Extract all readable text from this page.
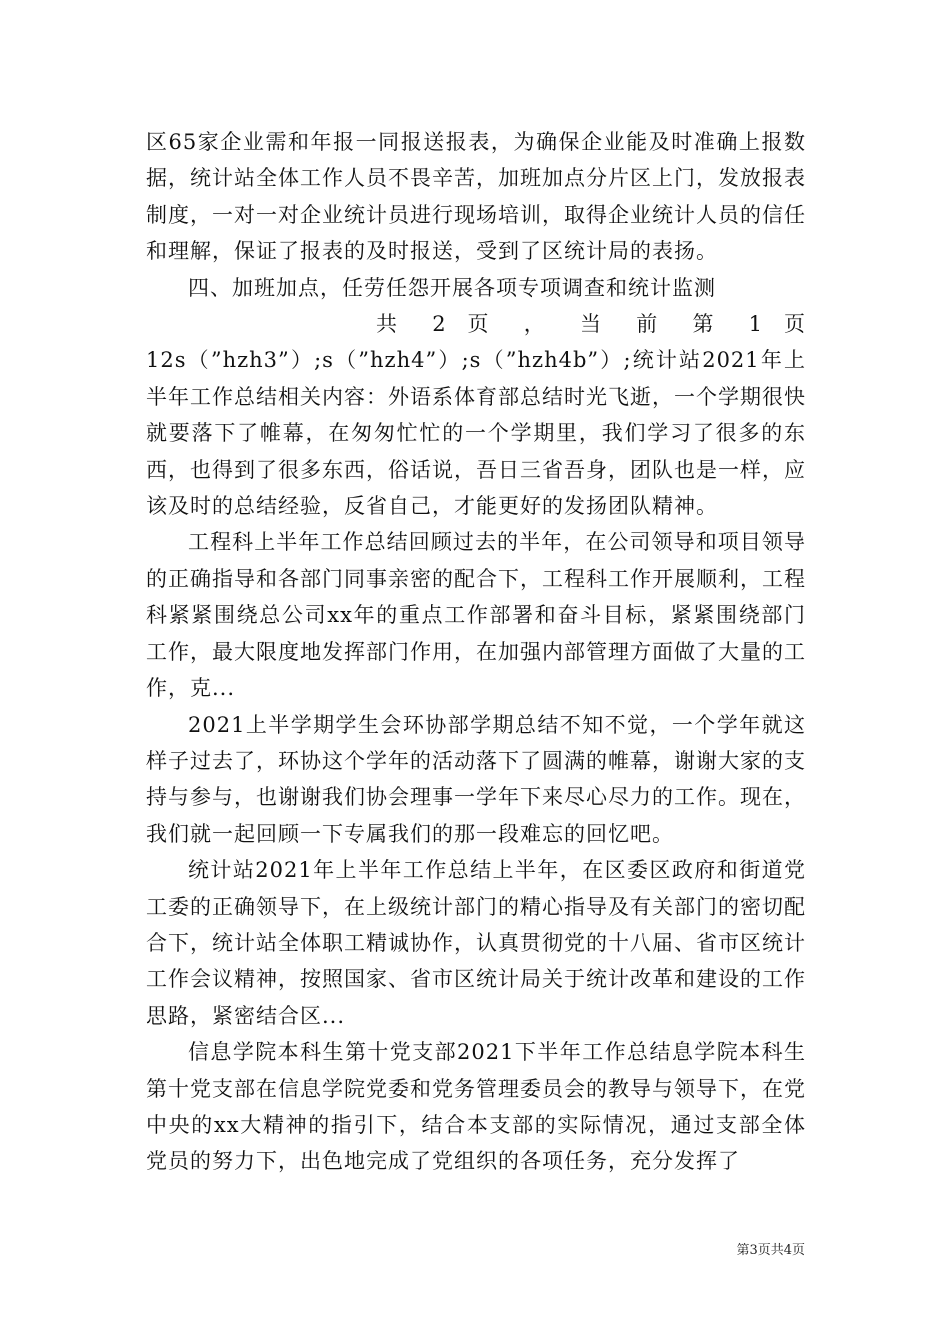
区65家企业需和年报一同报送报表，为确保企业能及时准确上报数据，统计站全体工作人员不畏辛苦，加班加点分片区上门，发放报表制度，一对一对企业统计员进行现场培训，取得企业统计人员的信任和理解，保证了报表的及时报送，受到了区统计局的表扬。

四、加班加点，任劳任怨开展各项专项调查和统计监测

共 2 页 ， 当 前 第 1 页

12s（”hzh3”）;s（”hzh4”）;s（”hzh4b”）;统计站2021年上半年工作总结相关内容：外语系体育部总结时光飞逝，一个学期很快就要落下了帷幕，在匆匆忙忙的一个学期里，我们学习了很多的东西，也得到了很多东西，俗话说，吾日三省吾身，团队也是一样，应该及时的总结经验，反省自己，才能更好的发扬团队精神。

工程科上半年工作总结回顾过去的半年，在公司领导和项目领导的正确指导和各部门同事亲密的配合下，工程科工作开展顺利，工程科紧紧围绕总公司xx年的重点工作部署和奋斗目标，紧紧围绕部门工作，最大限度地发挥部门作用，在加强内部管理方面做了大量的工作，克...

2021上半学期学生会环协部学期总结不知不觉，一个学年就这样子过去了，环协这个学年的活动落下了圆满的帷幕，谢谢大家的支持与参与，也谢谢我们协会理事一学年下来尽心尽力的工作。现在，我们就一起回顾一下专属我们的那一段难忘的回忆吧。

统计站2021年上半年工作总结上半年，在区委区政府和街道党工委的正确领导下，在上级统计部门的精心指导及有关部门的密切配合下，统计站全体职工精诚协作，认真贯彻党的十八届、省市区统计工作会议精神，按照国家、省市区统计局关于统计改革和建设的工作思路，紧密结合区...

信息学院本科生第十党支部2021下半年工作总结息学院本科生第十党支部在信息学院党委和党务管理委员会的教导与领导下，在党中央的xx大精神的指引下，结合本支部的实际情况，通过支部全体党员的努力下，出色地完成了党组织的各项任务，充分发挥了

第3页共4页
